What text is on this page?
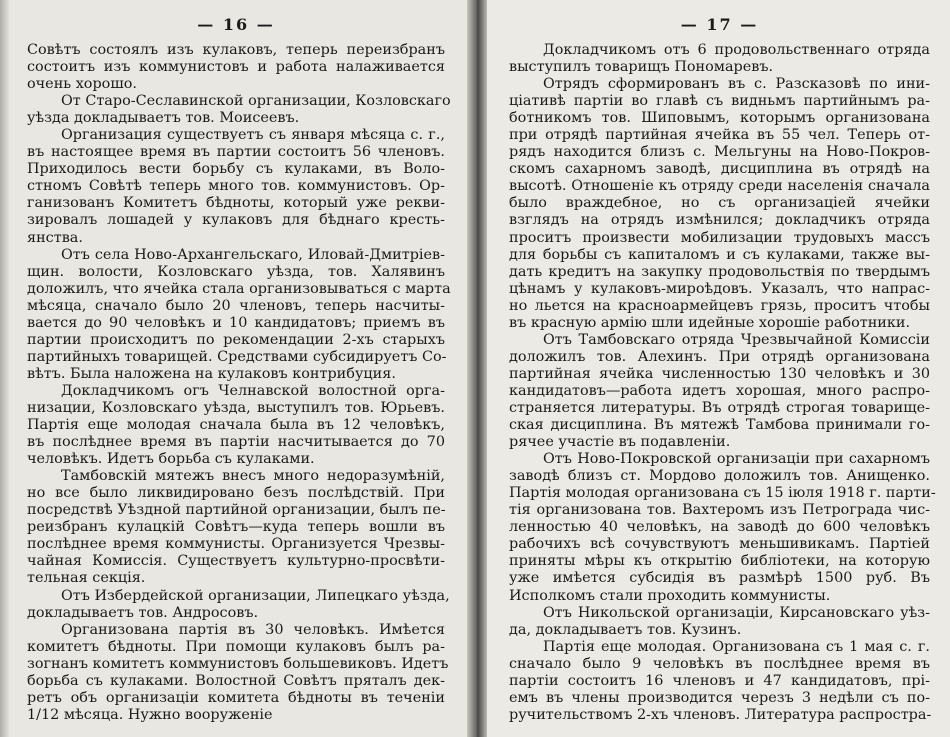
— 16 —
Совѣтъ состоялъ изъ кулаковъ, теперь переизбранъ
состоитъ изъ коммунистовъ и работа налаживается
очень хорошо.
От Старо-Сеславинской организации, Козловскаго
уѣзда докладываетъ тов. Моисеевъ.
Организация существуетъ съ января мѣсяца с. г.,
въ настоящее время въ партии состоитъ 56 членовъ.
Приходилось вести борьбу съ кулаками, въ Воло-
стномъ Совѣтѣ теперь много тов. коммунистовъ. Ор-
ганизованъ Комитетъ бѣдноты, который уже рекви-
зировалъ лошадей у кулаковъ для бѣднаго кресть-
янства.
Отъ села Ново-Архангельскаго, Иловай-Дмитріев-
щин. волости, Козловскаго уѣзда, тов. Халявинъ
доложилъ, что ячейка стала организовываться с марта
мѣсяца, сначало было 20 членовъ, теперь насчиты-
вается до 90 человѣкъ и 10 кандидатовъ; приемъ въ
партии происходитъ по рекомендации 2-хъ старыхъ
партийныхъ товарищей. Средствами субсидируетъ Со-
вѣтъ. Была наложена на кулаковъ контрибуция.
Докладчикомъ огъ Челнавской волостной орга-
низации, Козловскаго уѣзда, выступилъ тов. Юрьевъ.
Партія еще молодая сначала была въ 12 человѣкъ,
въ послѣднее время въ партіи насчитывается до 70
человѣкъ. Идетъ борьба съ кулаками.
Тамбовскій мятежъ внесъ много недоразумѣній,
но все было ликвидировано безъ послѣдствій. При
посредствѣ Уѣздной партийной организации, былъ пе-
реизбранъ кулацкій Совѣтъ—куда теперь вошли въ
послѣднее время коммунисты. Организуется Чрезвы-
чайная Комиссія. Существуетъ культурно-просвѣти-
тельная секція.
Отъ Избердейской организации, Липецкаго уѣзда,
докладываетъ тов. Андросовъ.
Организована партія въ 30 человѣкъ. Имѣется
комитетъ бѣдноты. При помощи кулаковъ былъ ра-
зогнанъ комитетъ коммунистовъ большевиковъ. Идетъ
борьба съ кулаками. Волостной Совѣтъ пряталъ дек-
ретъ объ организаціи комитета бѣдноты въ теченіи
1/12 мѣсяца. Нужно вооруженіе
— 17 —
Докладчикомъ отъ 6 продовольственнаго отряда
выступилъ товарищъ Пономаревъ.
Отрядъ сформированъ въ с. Разсказовѣ по ини-
ціативѣ партіи во главѣ съ видньмъ партийнымъ ра-
ботникомъ тов. Шиповымъ, которымъ организована
при отрядѣ партийная ячейка въ 55 чел. Теперь от-
рядъ находится близъ с. Мельгуны на Ново-Покров-
скомъ сахарномъ заводѣ, дисциплина въ отрядѣ на
высотѣ. Отношеніе къ отряду среди населенія сначала
было враждебное, но съ организаціей ячейки
взглядъ на отрядъ измѣнился; докладчикъ отряда
проситъ произвести мобилизации трудовыхъ массъ
для борьбы съ капиталомъ и съ кулаками, также вы-
дать кредитъ на закупку продовольствія по твердымъ
цѣнамъ у кулаковъ-мироѣдовъ. Указалъ, что напрас-
но льется на красноармейцевъ грязь, проситъ чтобы
въ красную армію шли идейные хорошіе работники.
Отъ Тамбовскаго отряда Чрезвычайной Комиссіи
доложилъ тов. Алехинъ. При отрядѣ организована
партийная ячейка численностью 130 человѣкъ и 30
кандидатовъ—работа идетъ хорошая, много распро-
страняется литературы. Въ отрядѣ строгая товарище-
ская дисциплина. Въ мятежѣ Тамбова принимали го-
рячее участіе въ подавленіи.
Отъ Ново-Покровской организаціи при сахарномъ
заводѣ близъ ст. Мордово доложилъ тов. Анищенко.
Партія молодая организована съ 15 іюля 1918 г. парти-
тія организована тов. Вахтеромъ изъ Петрограда чис-
ленностью 40 человѣкъ, на заводѣ до 600 человѣкъ
рабочихъ всѣ сочувствуютъ меньшивикамъ. Партіей
приняты мѣры къ открытію библіотеки, на которую
уже имѣется субсидія въ размѣрѣ 1500 руб. Въ
Исполкомъ стали проходить коммунисты.
Отъ Никольской организаціи, Кирсановскаго уѣз-
да, докладываетъ тов. Кузинъ.
Партія еще молодая. Организована съ 1 мая с. г.
сначало было 9 человѣкъ въ послѣднее время въ
партіи состоитъ 16 членовъ и 47 кандидатовъ, прі-
емъ въ члены производится черезъ 3 недѣли съ по-
ручительствомъ 2-хъ членовъ. Литература распростра-
